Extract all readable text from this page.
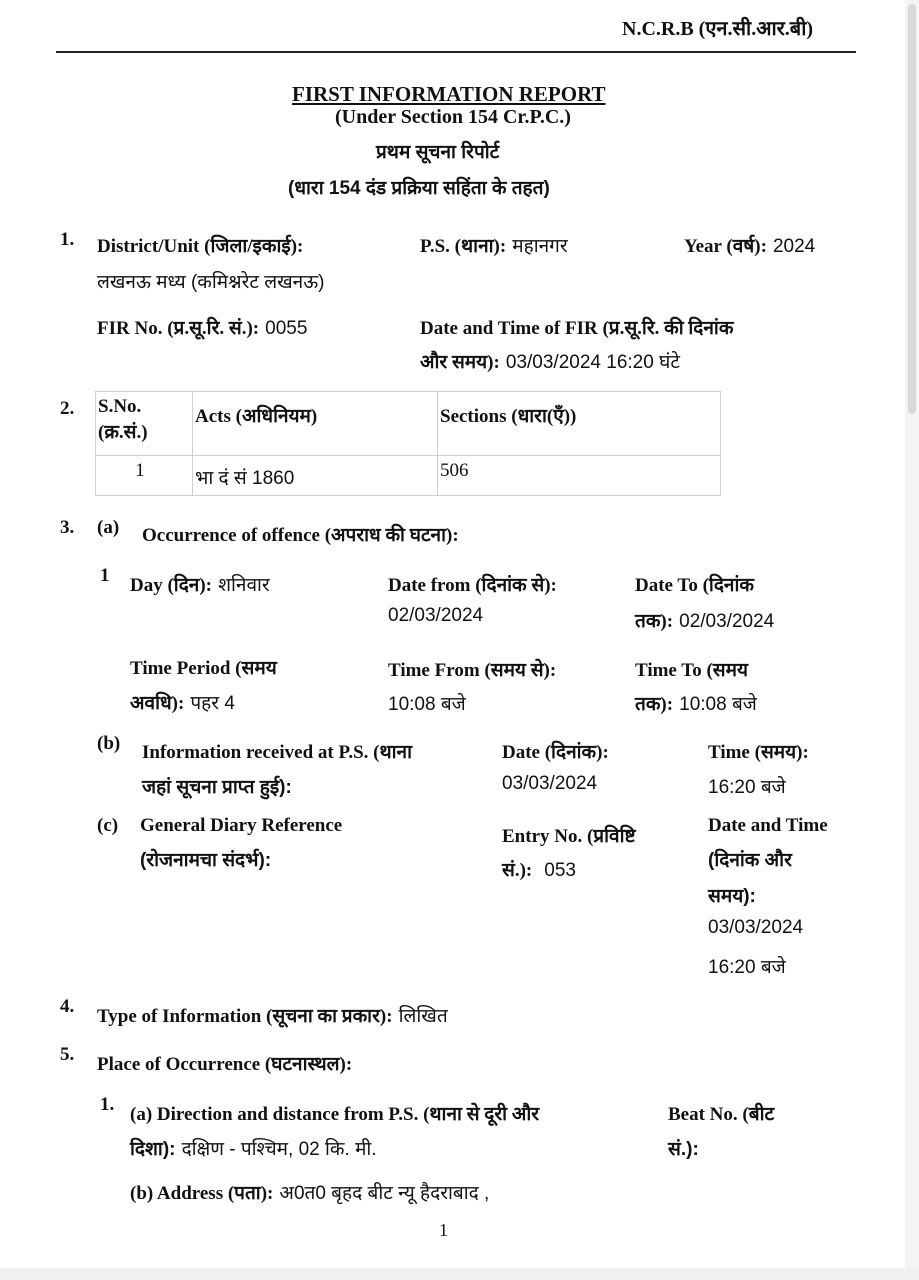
N.C.R.B (एन.सी.आर.बी)
FIRST INFORMATION REPORT
(Under Section 154 Cr.P.C.)
प्रथम सूचना रिपोर्ट
(धारा 154 दंड प्रक्रिया सहिंता के तहत)
1. District/Unit (जिला/इकाई):
लखनऊ मध्य (कमिश्नरेट लखनऊ)
P.S. (थाना): महानगर	Year (वर्ष): 2024
FIR No. (प्र.सू.रि. सं.): 0055	Date and Time of FIR (प्र.सू.रि. की दिनांक
और समय): 03/03/2024 16:20 घंटे
2. S.No.
(क्र.सं.)	Acts (अधिनियम)	Sections (धारा(एँ))
1	भा दं सं 1860	506
3. (a) Occurrence of offence (अपराध की घटना):
1 Day (दिन): शनिवार	Date from (दिनांक से):
02/03/2024
Date To (दिनांक
तक): 02/03/2024
Time Period (समय
अवधि): पहर 4
Time From (समय से):
10:08 बजे
Time To (समय
तक): 10:08 बजे
(b) Information received at P.S. (थाना
जहां सूचना प्राप्त हुई):
Date (दिनांक):
03/03/2024
Time (समय):
16:20 बजे
(c) General Diary Reference
(रोजनामचा संदर्भ):
Entry No. (प्रविष्टि
सं.): 053
Date and Time
(दिनांक और
समय):
03/03/2024
16:20 बजे
4. Type of Information (सूचना का प्रकार): लिखित
5. Place of Occurrence (घटनास्थल):
1. (a) Direction and distance from P.S. (थाना से दूरी और
दिशा): दक्षिण - पश्चिम, 02 कि. मी.
Beat No. (बीट
सं.):
(b) Address (पता): अ0त0 बृहद बीट न्यू हैदराबाद ,
1
